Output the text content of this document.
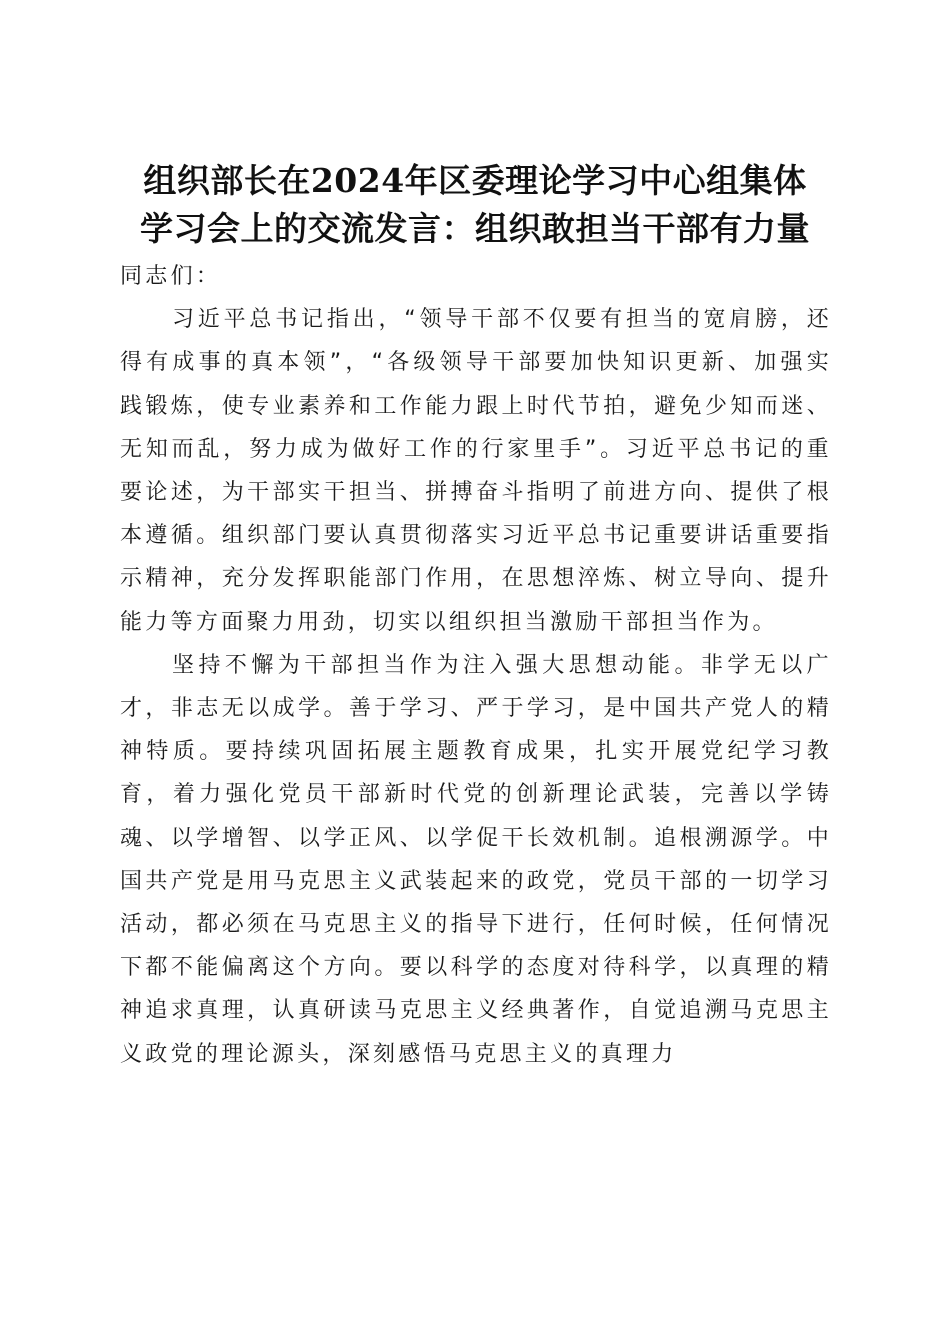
组织部长在2024年区委理论学习中心组集体
学习会上的交流发言：组织敢担当干部有力量

同志们：

习近平总书记指出，“领导干部不仅要有担当的宽肩膀，还得有成事的真本领”，“各级领导干部要加快知识更新、加强实践锻炼，使专业素养和工作能力跟上时代节拍，避免少知而迷、无知而乱，努力成为做好工作的行家里手”。习近平总书记的重要论述，为干部实干担当、拼搏奋斗指明了前进方向、提供了根本遵循。组织部门要认真贯彻落实习近平总书记重要讲话重要指示精神，充分发挥职能部门作用，在思想淬炼、树立导向、提升能力等方面聚力用劲，切实以组织担当激励干部担当作为。

坚持不懈为干部担当作为注入强大思想动能。非学无以广才，非志无以成学。善于学习、严于学习，是中国共产党人的精神特质。要持续巩固拓展主题教育成果，扎实开展党纪学习教育，着力强化党员干部新时代党的创新理论武装，完善以学铸魂、以学增智、以学正风、以学促干长效机制。追根溯源学。中国共产党是用马克思主义武装起来的政党，党员干部的一切学习活动，都必须在马克思主义的指导下进行，任何时候，任何情况下都不能偏离这个方向。要以科学的态度对待科学，以真理的精神追求真理，认真研读马克思主义经典著作，自觉追溯马克思主义政党的理论源头，深刻感悟马克思主义的真理力
